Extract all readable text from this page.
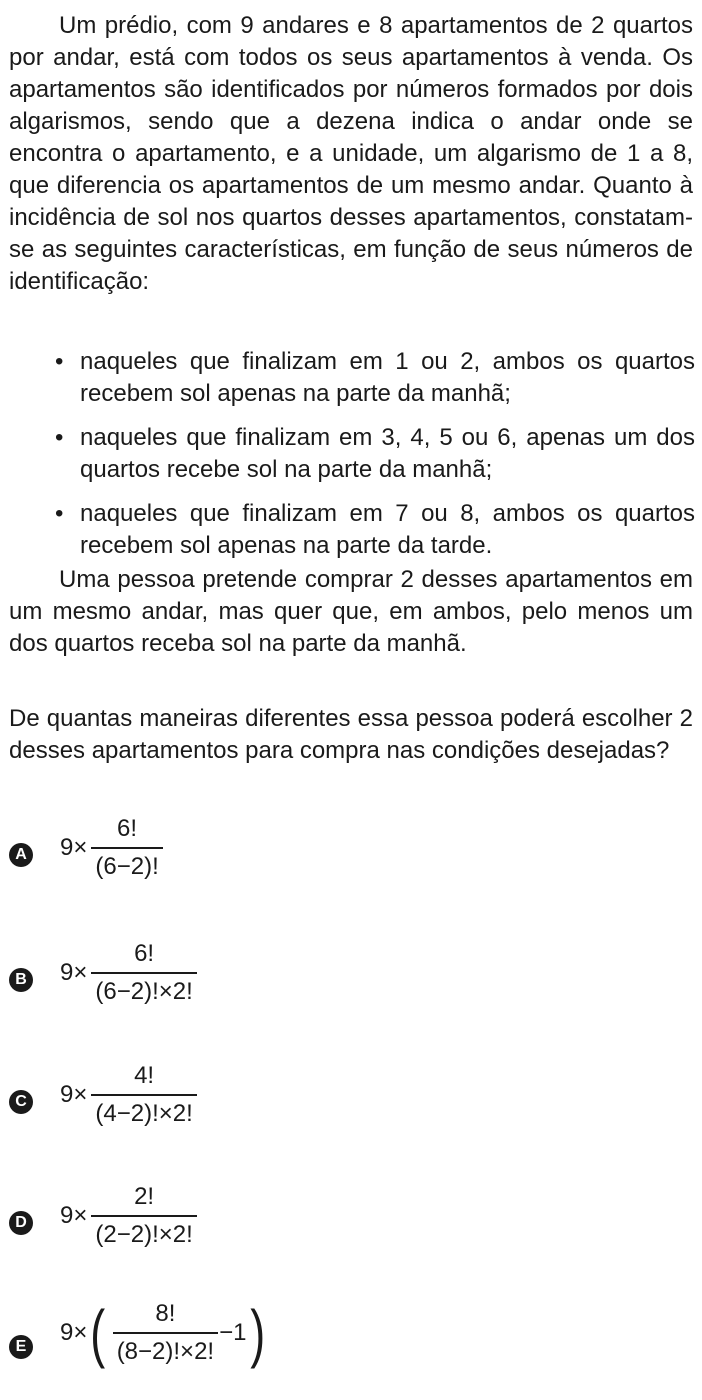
Um prédio, com 9 andares e 8 apartamentos de 2 quartos por andar, está com todos os seus apartamentos à venda. Os apartamentos são identificados por números formados por dois algarismos, sendo que a dezena indica o andar onde se encontra o apartamento, e a unidade, um algarismo de 1 a 8, que diferencia os apartamentos de um mesmo andar. Quanto à incidência de sol nos quartos desses apartamentos, constatam-se as seguintes características, em função de seus números de identificação:

• naqueles que finalizam em 1 ou 2, ambos os quartos recebem sol apenas na parte da manhã;
• naqueles que finalizam em 3, 4, 5 ou 6, apenas um dos quartos recebe sol na parte da manhã;
• naqueles que finalizam em 7 ou 8, ambos os quartos recebem sol apenas na parte da tarde.

Uma pessoa pretende comprar 2 desses apartamentos em um mesmo andar, mas quer que, em ambos, pelo menos um dos quartos receba sol na parte da manhã.

De quantas maneiras diferentes essa pessoa poderá escolher 2 desses apartamentos para compra nas condições desejadas?

A $9\times \frac{6!}{(6-2)!}$
B $9\times \frac{6!}{(6-2)!\times 2!}$
C $9\times \frac{4!}{(4-2)!\times 2!}$
D $9\times \frac{2!}{(2-2)!\times 2!}$
E
9× ( $\frac{8!}{(8-2)!\times 2!} -1$ )
